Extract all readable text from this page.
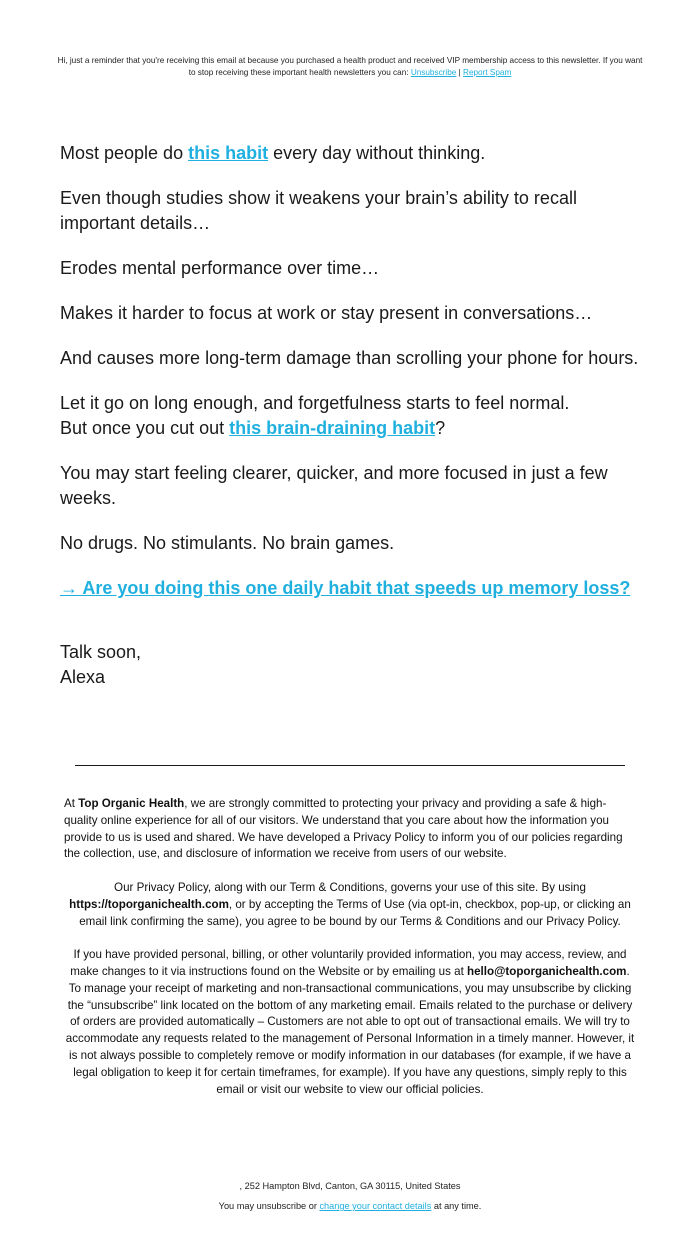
Hi, just a reminder that you're receiving this email at because you purchased a health product and received VIP membership access to this newsletter. If you want to stop receiving these important health newsletters you can: Unsubscribe | Report Spam

Most people do this habit every day without thinking.

Even though studies show it weakens your brain’s ability to recall important details…

Erodes mental performance over time…

Makes it harder to focus at work or stay present in conversations…

And causes more long-term damage than scrolling your phone for hours.

Let it go on long enough, and forgetfulness starts to feel normal.
But once you cut out this brain-draining habit?

You may start feeling clearer, quicker, and more focused in just a few weeks.

No drugs. No stimulants. No brain games.

→ Are you doing this one daily habit that speeds up memory loss?

Talk soon,
Alexa

At Top Organic Health, we are strongly committed to protecting your privacy and providing a safe & high-quality online experience for all of our visitors. We understand that you care about how the information you provide to us is used and shared. We have developed a Privacy Policy to inform you of our policies regarding the collection, use, and disclosure of information we receive from users of our website.

Our Privacy Policy, along with our Term & Conditions, governs your use of this site. By using https://toporganichealth.com, or by accepting the Terms of Use (via opt-in, checkbox, pop-up, or clicking an email link confirming the same), you agree to be bound by our Terms & Conditions and our Privacy Policy.

If you have provided personal, billing, or other voluntarily provided information, you may access, review, and make changes to it via instructions found on the Website or by emailing us at hello@toporganichealth.com. To manage your receipt of marketing and non-transactional communications, you may unsubscribe by clicking the “unsubscribe” link located on the bottom of any marketing email. Emails related to the purchase or delivery of orders are provided automatically – Customers are not able to opt out of transactional emails. We will try to accommodate any requests related to the management of Personal Information in a timely manner. However, it is not always possible to completely remove or modify information in our databases (for example, if we have a legal obligation to keep it for certain timeframes, for example). If you have any questions, simply reply to this email or visit our website to view our official policies.

, 252 Hampton Blvd, Canton, GA 30115, United States
You may unsubscribe or change your contact details at any time.
